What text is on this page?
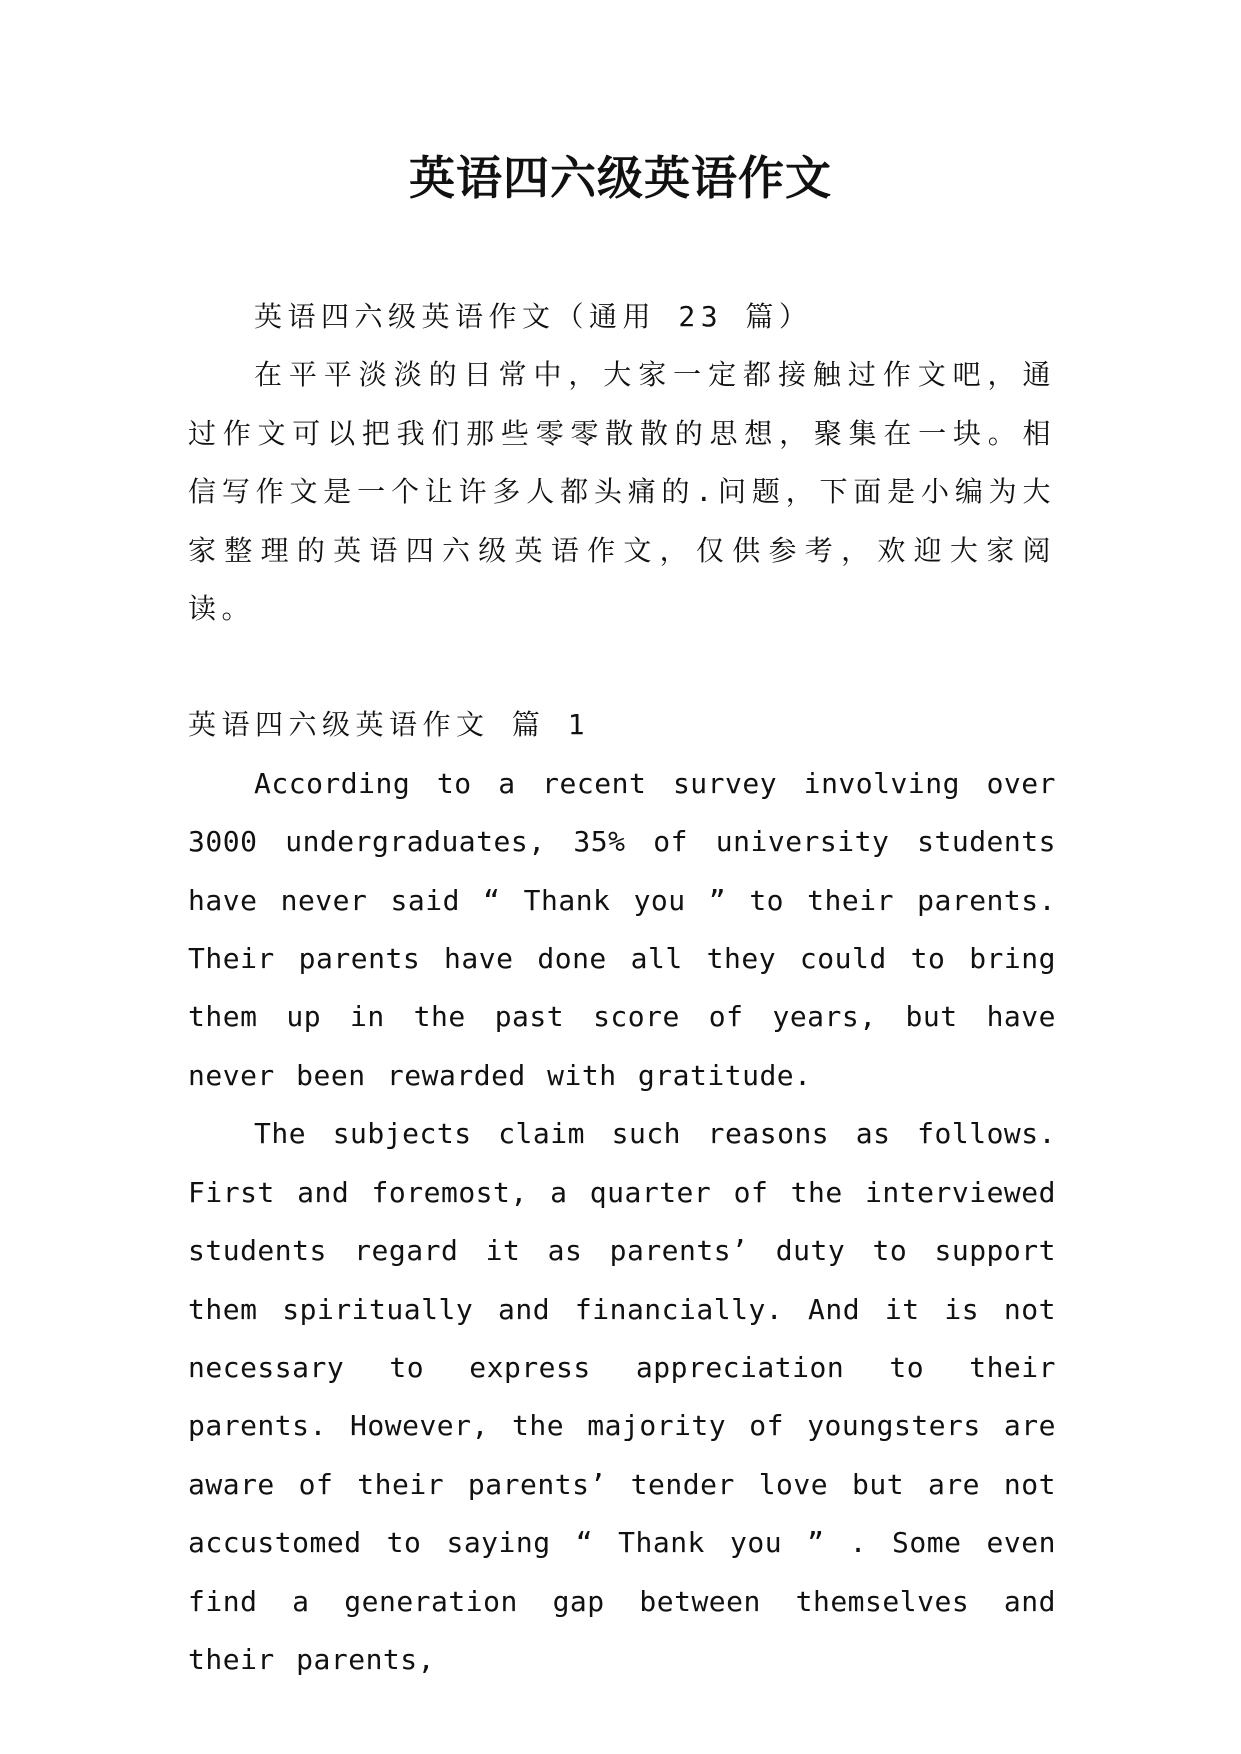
英语四六级英语作文

英语四六级英语作文（通用 23 篇）

在平平淡淡的日常中，大家一定都接触过作文吧，通过作文可以把我们那些零零散散的思想，聚集在一块。相信写作文是一个让许多人都头痛的.问题，下面是小编为大家整理的英语四六级英语作文，仅供参考，欢迎大家阅读。

英语四六级英语作文 篇 1

According to a recent survey involving over 3000 undergraduates, 35% of university students have never said “ Thank you ” to their parents. Their parents have done all they could to bring them up in the past score of years, but have never been rewarded with gratitude.

The subjects claim such reasons as follows. First and foremost, a quarter of the interviewed students regard it as parents’ duty to support them spiritually and financially. And it is not necessary to express appreciation to their parents. However, the majority of youngsters are aware of their parents’ tender love but are not accustomed to saying “ Thank you ” . Some even find a generation gap between themselves and their parents,
